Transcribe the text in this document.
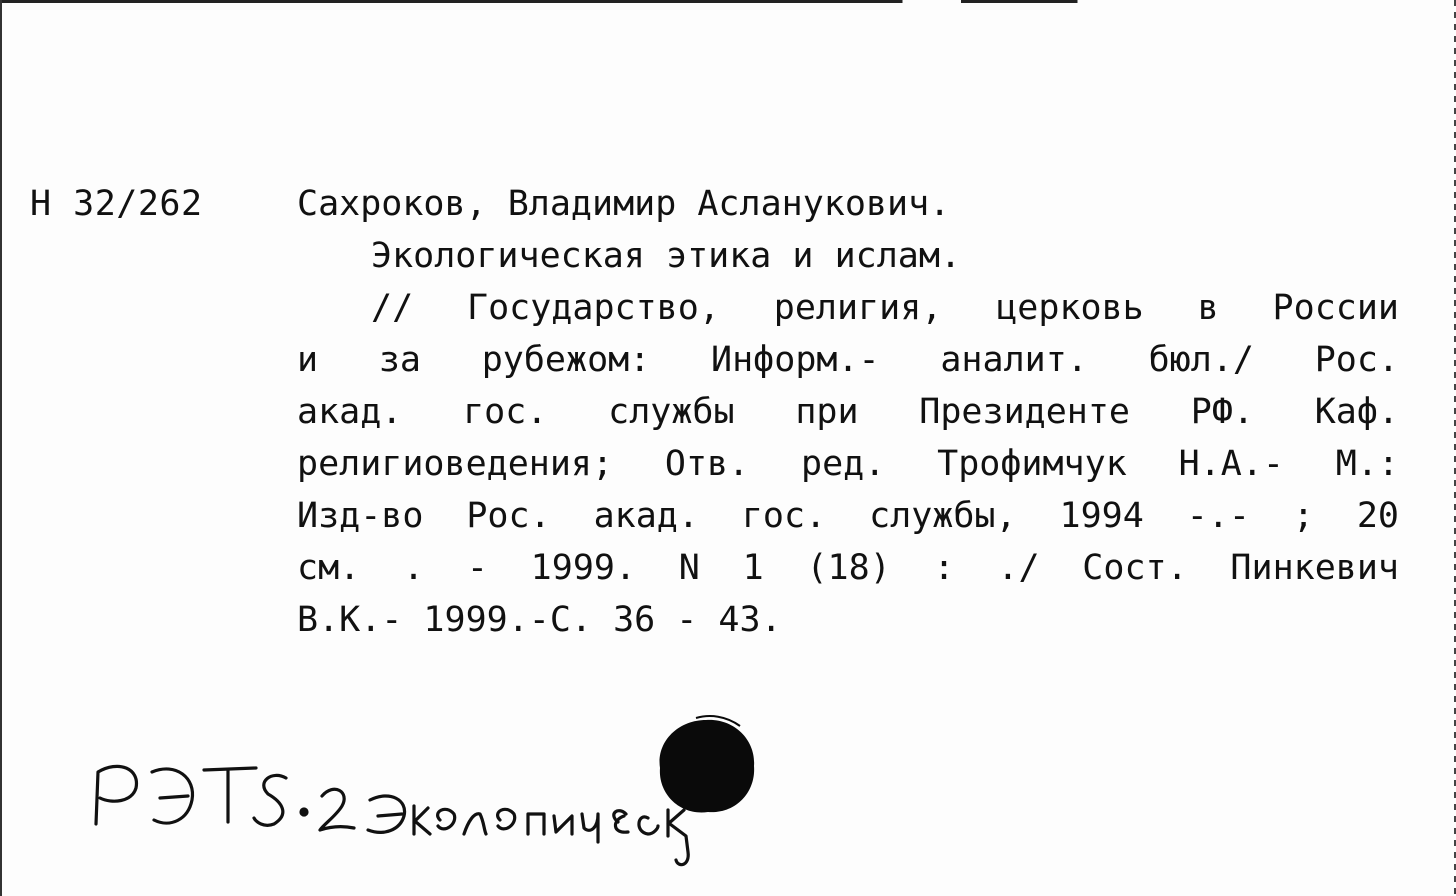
Н 32/262	Сахроков, Владимир Асланукович.
Экологическая этика и ислам.
// Государство, религия, церковь в России
и за рубежом: Информ.- аналит. бюл./ Рос.
акад. гос. службы при Президенте РФ. Каф.
религиоведения; Отв. ред. Трофимчук Н.А.- М.:
Изд-во Рос. акад. гос. службы, 1994 -.- ; 20
см. . - 1999. N 1 (18) : ./ Сост. Пинкевич
В.К.- 1999.-С. 36 - 43.
